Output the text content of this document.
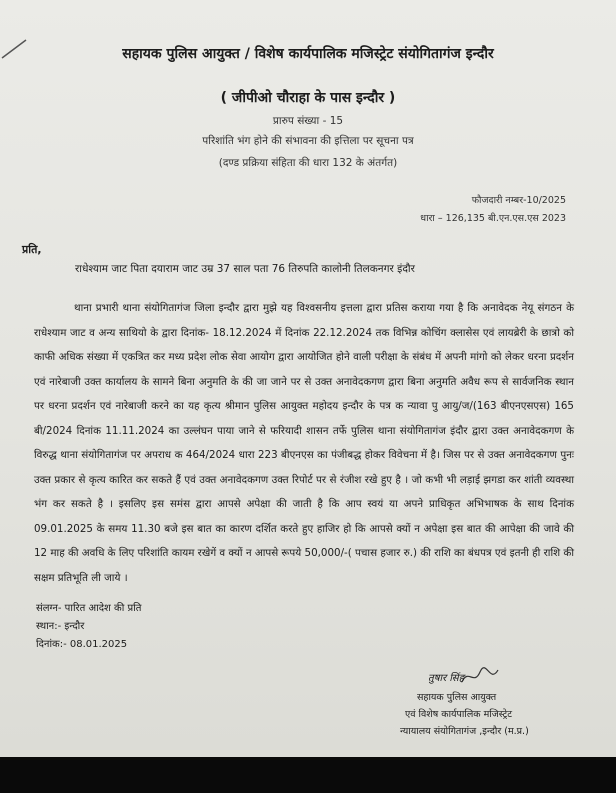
सहायक पुलिस आयुक्त / विशेष कार्यपालिक मजिस्ट्रेट संयोगितागंज इन्दौर
( जीपीओ चौराहा के पास इन्दौर )
प्रारुप संख्या - 15
परिशांति भंग होने की संभावना की इत्तिला पर सूचना पत्र
(दण्ड प्रक्रिया संहिता की धारा 132 के अंतर्गत)
फौजदारी नम्बर-10/2025
धारा – 126,135 बी.एन.एस.एस 2023
प्रति,
राधेश्याम जाट पिता दयाराम जाट उम्र 37 साल पता 76 तिरुपति कालोनी तिलकनगर इंदौर

थाना प्रभारी थाना संयोगितागंज जिला इन्दौर द्वारा मुझे यह विश्वसनीय इत्तला द्वारा प्रतिस कराया गया है कि अनावेदक नेयू संगठन के राधेश्याम जाट व अन्य साथियो के द्वारा दिनांक- 18.12.2024 में दिनांक 22.12.2024 तक विभिन्न कोचिंग क्लासेस एवं लायब्रेरी के छात्रो को काफी अधिक संख्या में एकत्रित कर मध्य प्रदेश लोक सेवा आयोग द्वारा आयोजित होने वाली परीक्षा के संबंध में अपनी मांगो को लेकर धरना प्रदर्शन एवं नारेबाजी उक्त कार्यालय के सामने बिना अनुमति के की जा जाने पर से उक्त अनावेदकगण द्वारा बिना अनुमति अवैध रूप से सार्वजनिक स्थान पर धरना प्रदर्शन एवं नारेबाजी करने का यह कृत्य श्रीमान पुलिस आयुक्त महोदय इन्दौर के पत्र क न्यावा पु आयु/ज/(163 बीएनएसएस) 165 बी/2024 दिनांक 11.11.2024 का उल्लंघन पाया जाने से फरियादी शासन तर्फे पुलिस थाना संयोगितागंज इंदौर द्वारा उक्त अनावेदकगण के विरुद्ध थाना संयोगितागंज पर अपराध क 464/2024 धारा 223 बीएनएस का पंजीबद्ध होकर विवेचना में है। जिस पर से उक्त अनावेदकगण पुनः उक्त प्रकार से कृत्य कारित कर सकते हैं एवं उक्त अनावेदकगण उक्त रिपोर्ट पर से रंजीश रखे हुए है । जो कभी भी लड़ाई झगडा कर शांती व्यवस्था भंग कर सकते है । इसलिए इस समंस द्वारा आपसे अपेक्षा की जाती है कि आप स्वयं या अपने प्राधिकृत अभिभाषक के साथ दिनांक 09.01.2025 के समय 11.30 बजे इस बात का कारण दर्शित करते हुए हाजिर हो कि आपसे क्यों न अपेक्षा इस बात की आपेक्षा की जावे की 12 माह की अवधि के लिए परिशांति कायम रखेगें व क्यों न आपसे रूपये 50,000/-( पचास हजार रु.) की राशि का बंधपत्र एवं इतनी ही राशि की सक्षम प्रतिभूति ली जाये ।

संलग्न- पारित आदेश की प्रति
स्थान:- इन्दौर
दिनांक:- 08.01.2025
तुषार सिंह
सहायक पुलिस आयुक्त
एवं विशेष कार्यपालिक मजिस्ट्रेट
न्यायालय संयोगितागंज ,इन्दौर (म.प्र.)
